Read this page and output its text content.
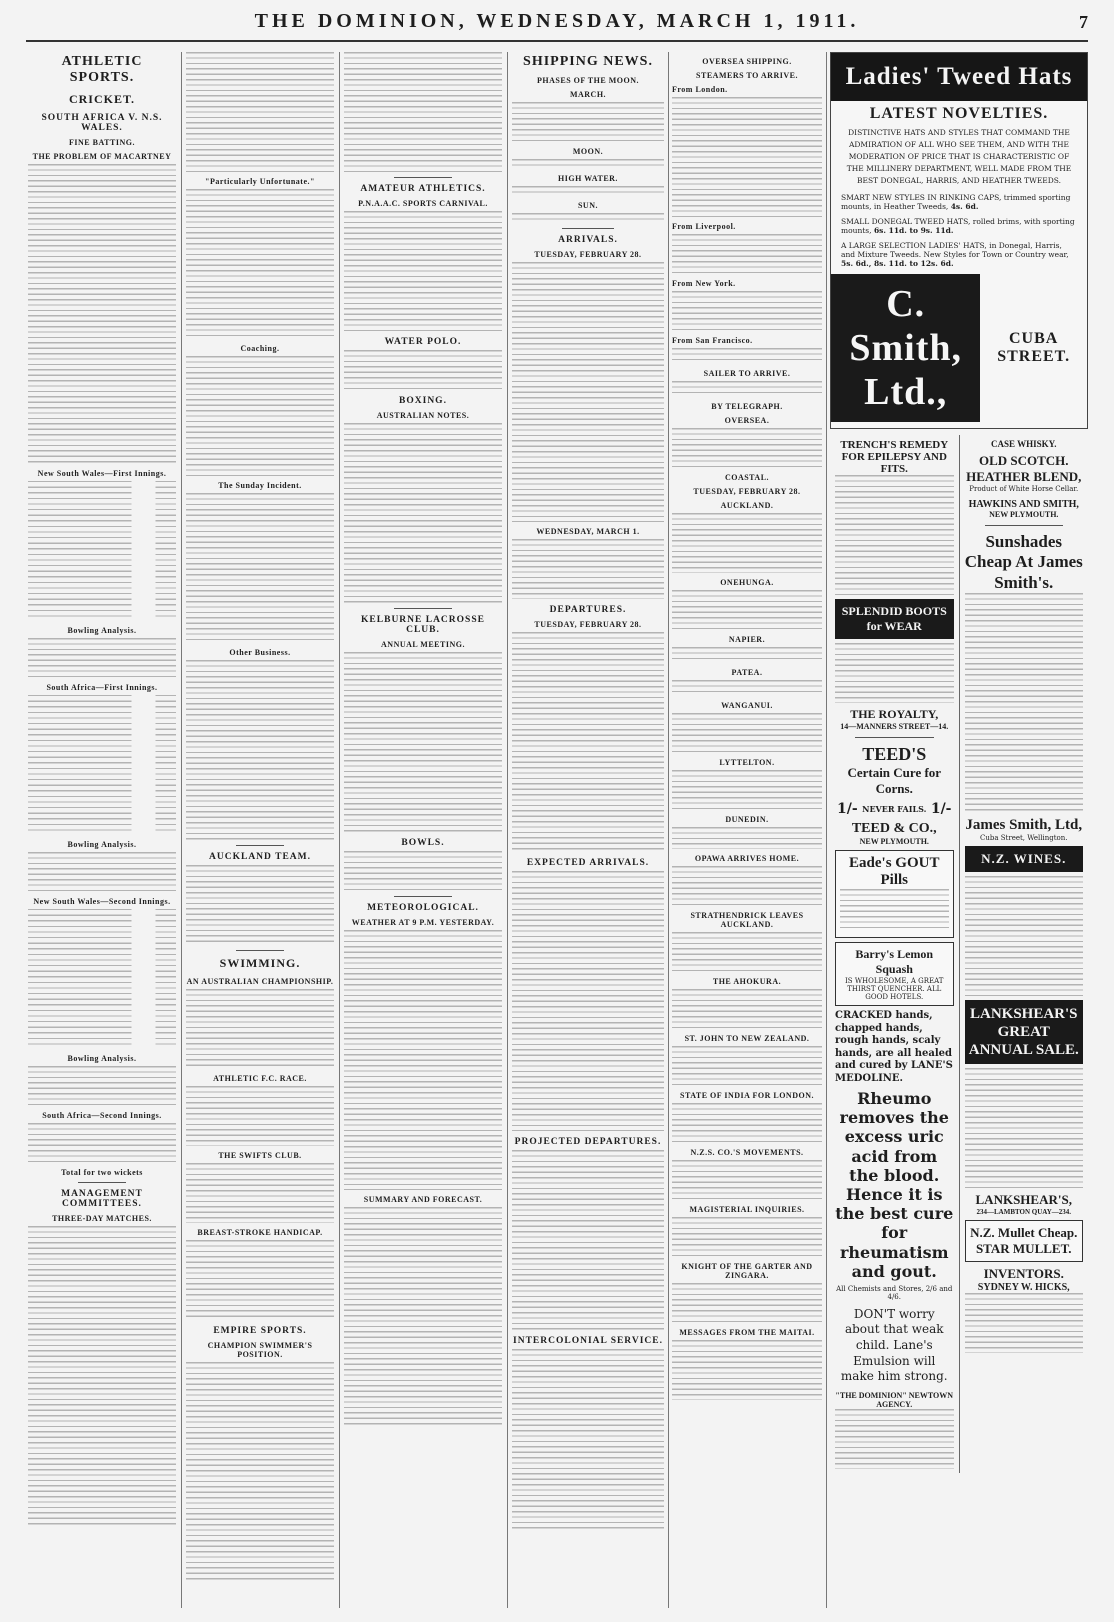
THE DOMINION, WEDNESDAY, MARCH 1, 1911.	7
ATHLETIC SPORTS.
CRICKET.
SOUTH AFRICA V. N.S. WALES.
FINE BATTING.
THE PROBLEM OF MACARTNEY
New South Wales—First Innings.
Bowling Analysis.
South Africa—First Innings.
Bowling Analysis.
New South Wales—Second Innings.
Bowling Analysis.
South Africa—Second Innings.
Total for two wickets
MANAGEMENT COMMITTEES.
THREE-DAY MATCHES.
"Particularly Unfortunate."
Coaching.
The Sunday Incident.
Other Business.
AUCKLAND TEAM.
SWIMMING.
AN AUSTRALIAN CHAMPIONSHIP.
ATHLETIC F.C. RACE.
THE SWIFTS CLUB.
BREAST-STROKE HANDICAP.
EMPIRE SPORTS.
CHAMPION SWIMMER'S POSITION.
AMATEUR ATHLETICS.
P.N.A.A.C. SPORTS CARNIVAL.
WATER POLO.
BOXING.
AUSTRALIAN NOTES.
KELBURNE LACROSSE CLUB.
ANNUAL MEETING.
BOWLS.
METEOROLOGICAL.
WEATHER AT 9 P.M. YESTERDAY.
SUMMARY AND FORECAST.
SHIPPING NEWS.
PHASES OF THE MOON.
MARCH.
MOON.
HIGH WATER.
SUN.
ARRIVALS.
TUESDAY, FEBRUARY 28.
WEDNESDAY, MARCH 1.
DEPARTURES.
TUESDAY, FEBRUARY 28.
EXPECTED ARRIVALS.
PROJECTED DEPARTURES.
INTERCOLONIAL SERVICE.
OVERSEA SHIPPING.
STEAMERS TO ARRIVE.
From London.
From Liverpool.
From New York.
From San Francisco.
SAILER TO ARRIVE.
BY TELEGRAPH.
OVERSEA.
COASTAL.
TUESDAY, FEBRUARY 28.
AUCKLAND.
ONEHUNGA.
NAPIER.
PATEA.
WANGANUI.
LYTTELTON.
DUNEDIN.
OPAWA ARRIVES HOME.
STRATHENDRICK LEAVES AUCKLAND.
THE AHOKURA.
ST. JOHN TO NEW ZEALAND.
STATE OF INDIA FOR LONDON.
N.Z.S. CO.'S MOVEMENTS.
MAGISTERIAL INQUIRIES.
KNIGHT OF THE GARTER AND ZINGARA.
MESSAGES FROM THE MAITAI.
Ladies' Tweed Hats
LATEST NOVELTIES.
DISTINCTIVE HATS AND STYLES THAT COMMAND THE ADMIRATION OF ALL WHO SEE THEM, AND WITH THE MODERATION OF PRICE THAT IS CHARACTERISTIC OF THE MILLINERY DEPARTMENT, WELL MADE FROM THE BEST DONEGAL, HARRIS, AND HEATHER TWEEDS.
SMART NEW STYLES IN RINKING CAPS, trimmed sporting mounts, in Heather Tweeds, 4s. 6d.
SMALL DONEGAL TWEED HATS, rolled brims, with sporting mounts, 6s. 11d. to 9s. 11d.
A LARGE SELECTION LADIES' HATS, in Donegal, Harris, and Mixture Tweeds. New Styles for Town or Country wear, 5s. 6d., 8s. 11d. to 12s. 6d.
C. Smith, Ltd.,
CUBA STREET.
TRENCH'S REMEDY
FOR EPILEPSY AND FITS.
SPLENDID BOOTS for WEAR
THE ROYALTY,
14—MANNERS STREET—14.
TEED'S
Certain Cure for Corns.
1/- NEVER FAILS. 1/-
TEED & CO.,
NEW PLYMOUTH.
Eade's GOUT Pills
Barry's Lemon Squash
IS WHOLESOME, A GREAT THIRST QUENCHER. ALL GOOD HOTELS.
CRACKED hands, chapped hands, rough hands, scaly hands, are all healed and cured by LANE'S MEDOLINE.
Rheumo removes the excess uric acid from the blood. Hence it is the best cure for rheumatism and gout.
All Chemists and Stores, 2/6 and 4/6.
DON'T worry about that weak child. Lane's Emulsion will make him strong.
"THE DOMINION" NEWTOWN AGENCY.
CASE WHISKY.
OLD SCOTCH.
HEATHER BLEND,
Product of White Horse Cellar.
HAWKINS AND SMITH,
NEW PLYMOUTH.
Sunshades Cheap At James Smith's.
James Smith, Ltd,
Cuba Street, Wellington.
N.Z. WINES.
LANKSHEAR'S GREAT ANNUAL SALE.
LANKSHEAR'S,
234—LAMBTON QUAY—234.
N.Z. Mullet Cheap.
STAR MULLET.
INVENTORS.
SYDNEY W. HICKS,
